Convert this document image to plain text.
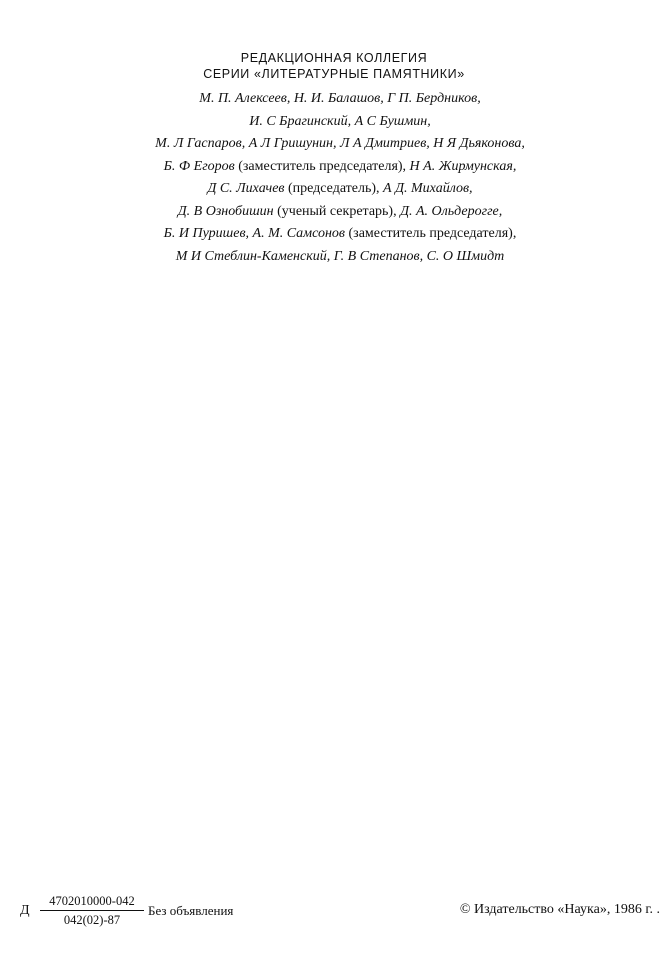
РЕДАКЦИОННАЯ КОЛЛЕГИЯ
СЕРИИ «ЛИТЕРАТУРНЫЕ ПАМЯТНИКИ»
М. П. Алексеев, Н. И. Балашов, Г П. Бердников,
И. С Брагинский, А С Бушмин,
М. Л Гаспаров, А Л Гришунин, Л А Дмитриев, Н Я Дьяконова,
Б. Ф Егоров (заместитель председателя), Н А. Жирмунская,
Д С. Лихачев (председатель), А Д. Михайлов,
Д. В Ознобишин (ученый секретарь), Д. А. Ольдерогге,
Б. И Пуришев, А. М. Самсонов (заместитель председателя),
М И Стеблин-Каменский, Г. В Степанов, С. О Шмидт
Д $\frac{4702010000-042}{042(02)-87}$ Без объявления	© Издательство «Наука», 1986 г. .
